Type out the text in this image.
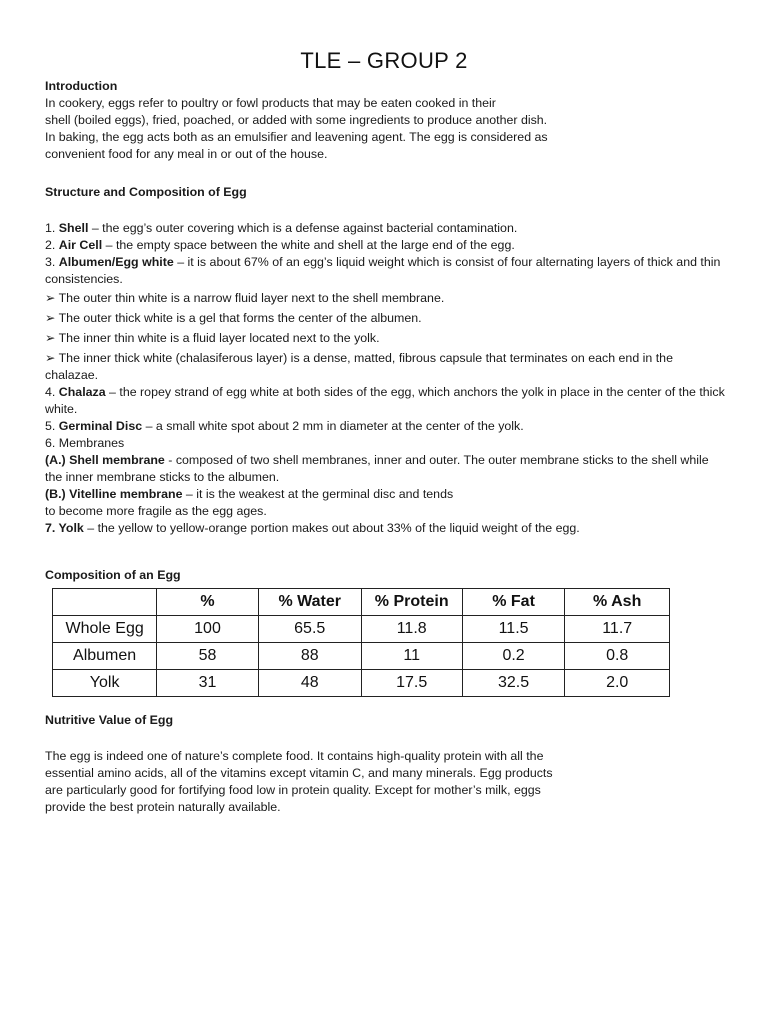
TLE – GROUP 2
Introduction
In cookery, eggs refer to poultry or fowl products that may be eaten cooked in their
shell (boiled eggs), fried, poached, or added with some ingredients to produce another dish.
In baking, the egg acts both as an emulsifier and leavening agent. The egg is considered as
convenient food for any meal in or out of the house.
Structure and Composition of Egg
1. Shell – the egg’s outer covering which is a defense against bacterial contamination.
2. Air Cell – the empty space between the white and shell at the large end of the egg.
3. Albumen/Egg white – it is about 67% of an egg’s liquid weight which is consist of four alternating layers of thick and thin consistencies.
➢ The outer thin white is a narrow fluid layer next to the shell membrane.
➢ The outer thick white is a gel that forms the center of the albumen.
➢ The inner thin white is a fluid layer located next to the yolk.
➢ The inner thick white (chalasiferous layer) is a dense, matted, fibrous capsule that terminates on each end in the chalazae.
4. Chalaza – the ropey strand of egg white at both sides of the egg, which anchors the yolk in place in the center of the thick white.
5. Germinal Disc – a small white spot about 2 mm in diameter at the center of the yolk.
6. Membranes
(A.) Shell membrane - composed of two shell membranes, inner and outer. The outer membrane sticks to the shell while the inner membrane sticks to the albumen.
(B.) Vitelline membrane – it is the weakest at the germinal disc and tends
to become more fragile as the egg ages.
7. Yolk – the yellow to yellow-orange portion makes out about 33% of the liquid weight of the egg.
Composition of an Egg
	%	% Water	% Protein	% Fat	% Ash
Whole Egg	100	65.5	11.8	11.5	11.7
Albumen	58	88	11	0.2	0.8
Yolk	31	48	17.5	32.5	2.0
Nutritive Value of Egg
The egg is indeed one of nature’s complete food. It contains high-quality protein with all the
essential amino acids, all of the vitamins except vitamin C, and many minerals. Egg products
are particularly good for fortifying food low in protein quality. Except for mother’s milk, eggs
provide the best protein naturally available.
